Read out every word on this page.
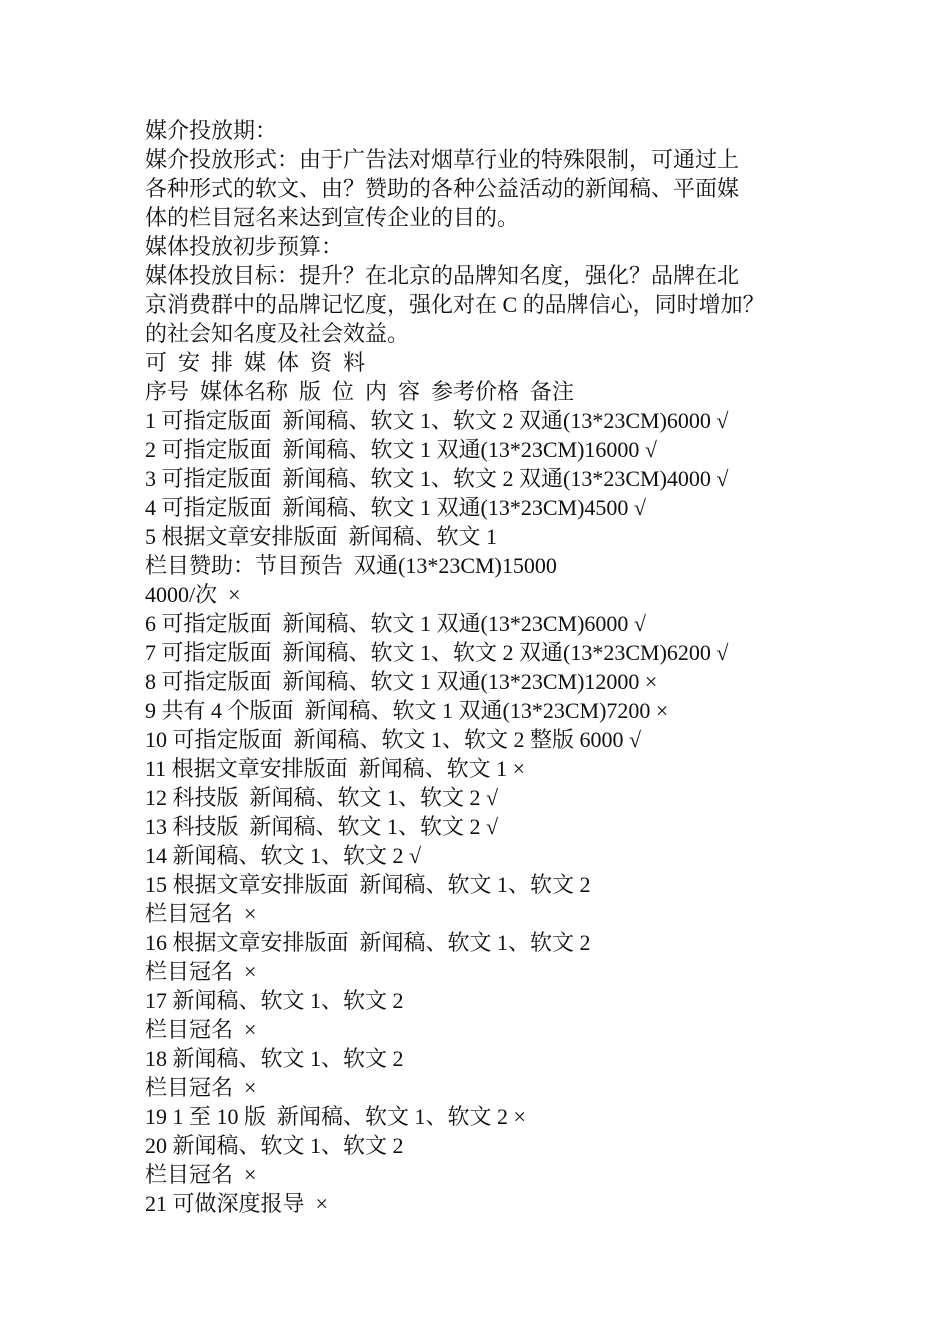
媒介投放期：
媒介投放形式：由于广告法对烟草行业的特殊限制，可通过上
各种形式的软文、由？赞助的各种公益活动的新闻稿、平面媒
体的栏目冠名来达到宣传企业的目的。
媒体投放初步预算：
媒体投放目标：提升？在北京的品牌知名度，强化？品牌在北
京消费群中的品牌记忆度，强化对在 C 的品牌信心，同时增加？
的社会知名度及社会效益。
可  安  排  媒  体  资  料
序号  媒体名称  版  位  内  容  参考价格  备注
1 可指定版面  新闻稿、软文 1、软文 2 双通(13*23CM)6000 √
2 可指定版面  新闻稿、软文 1 双通(13*23CM)16000 √
3 可指定版面  新闻稿、软文 1、软文 2 双通(13*23CM)4000 √
4 可指定版面  新闻稿、软文 1 双通(13*23CM)4500 √
5 根据文章安排版面  新闻稿、软文 1
栏目赞助：节目预告  双通(13*23CM)15000
4000/次  ×
6 可指定版面  新闻稿、软文 1 双通(13*23CM)6000 √
7 可指定版面  新闻稿、软文 1、软文 2 双通(13*23CM)6200 √
8 可指定版面  新闻稿、软文 1 双通(13*23CM)12000 ×
9 共有 4 个版面  新闻稿、软文 1 双通(13*23CM)7200 ×
10 可指定版面  新闻稿、软文 1、软文 2 整版 6000 √
11 根据文章安排版面  新闻稿、软文 1 ×
12 科技版  新闻稿、软文 1、软文 2 √
13 科技版  新闻稿、软文 1、软文 2 √
14 新闻稿、软文 1、软文 2 √
15 根据文章安排版面  新闻稿、软文 1、软文 2
栏目冠名  ×
16 根据文章安排版面  新闻稿、软文 1、软文 2
栏目冠名  ×
17 新闻稿、软文 1、软文 2
栏目冠名  ×
18 新闻稿、软文 1、软文 2
栏目冠名  ×
19 1 至 10 版  新闻稿、软文 1、软文 2 ×
20 新闻稿、软文 1、软文 2
栏目冠名  ×
21 可做深度报导  ×
